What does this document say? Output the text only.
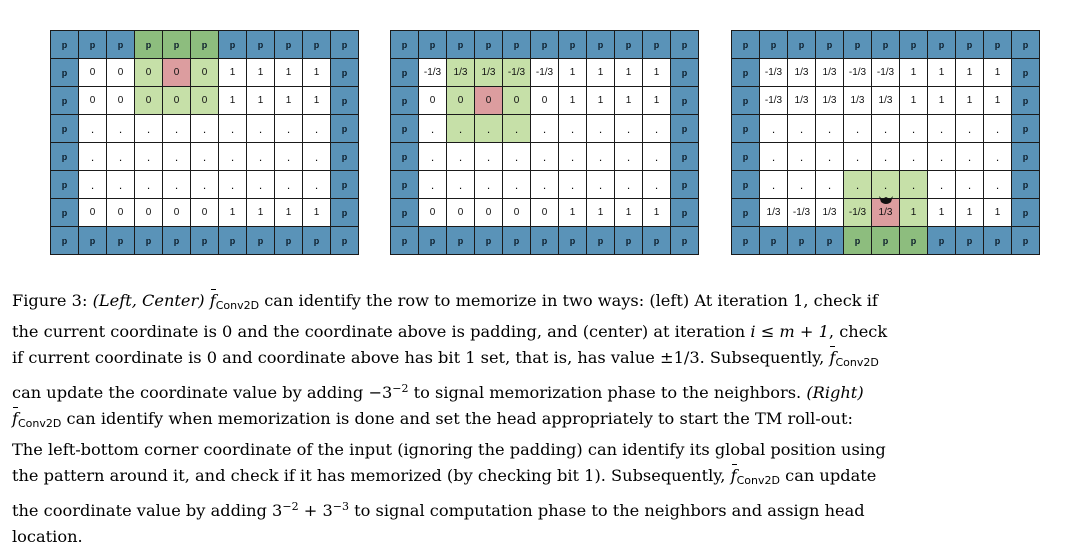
p	p	p	p	p	p	p	p	p	p	p
p	0	0	0	0	0	1	1	1	1	p
p	0	0	0	0	0	1	1	1	1	p
p	.	.	.	.	.	.	.	.	.	p
p	.	.	.	.	.	.	.	.	.	p
p	.	.	.	.	.	.	.	.	.	p
p	0	0	0	0	0	1	1	1	1	p
p	p	p	p	p	p	p	p	p	p	p
p	p	p	p	p	p	p	p	p	p	p
p	-1/3	1/3	1/3	-1/3	-1/3	1	1	1	1	p
p	0	0	0	0	0	1	1	1	1	p
p	.	.	.	.	.	.	.	.	.	p
p	.	.	.	.	.	.	.	.	.	p
p	.	.	.	.	.	.	.	.	.	p
p	0	0	0	0	0	1	1	1	1	p
p	p	p	p	p	p	p	p	p	p	p
p	p	p	p	p	p	p	p	p	p	p
p	-1/3	1/3	1/3	-1/3	-1/3	1	1	1	1	p
p	-1/3	1/3	1/3	1/3	1/3	1	1	1	1	p
p	.	.	.	.	.	.	.	.	.	p
p	.	.	.	.	.	.	.	.	.	p
p	.	.	.	.	.	.	.	.	.	p
p	1/3	-1/3	1/3	-1/3	1/3	1	1	1	1	p
p	p	p	p	p	p	p	p	p	p	p
Figure 3: (Left, Center) $f_{Conv2D}$ can identify the row to memorize in two ways: (left) At iteration 1, check if
the current coordinate is 0 and the coordinate above is padding, and (center) at iteration i ≤ m + 1, check
if current coordinate is 0 and coordinate above has bit 1 set, that is, has value ±1/3. Subsequently, $f_{Conv2D}$
can update the coordinate value by adding $-3^{-2}$ to signal memorization phase to the neighbors. (Right)
$f_{Conv2D}$ can identify when memorization is done and set the head appropriately to start the TM roll-out:
The left-bottom corner coordinate of the input (ignoring the padding) can identify its global position using
the pattern around it, and check if it has memorized (by checking bit 1). Subsequently, $f_{Conv2D}$ can update
the coordinate value by adding $3^{-2} + 3^{-3}$ to signal computation phase to the neighbors and assign head
location.
